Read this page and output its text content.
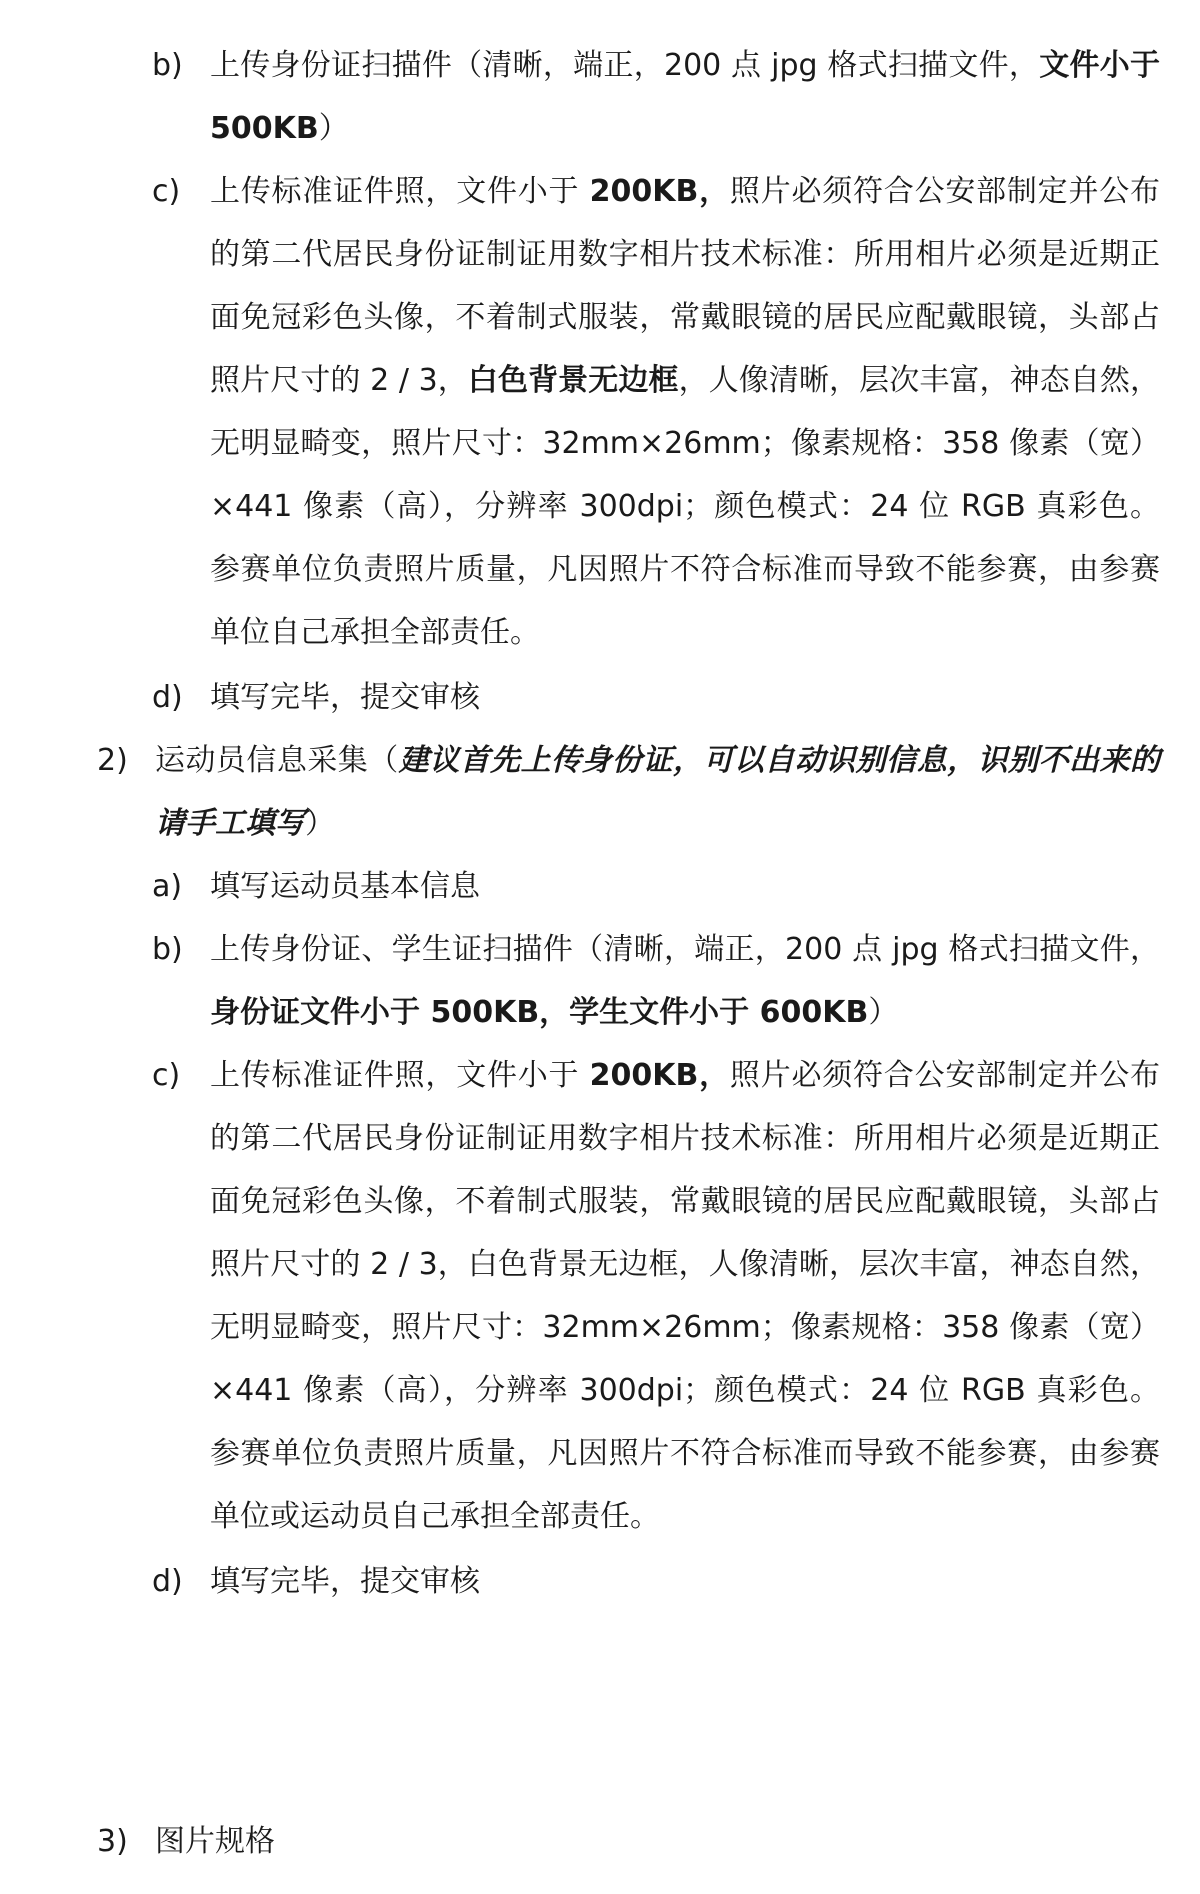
b) 上传身份证扫描件（清晰，端正，200 点 jpg 格式扫描文件，文件小于 500KB）
c) 上传标准证件照，文件小于 200KB，照片必须符合公安部制定并公布的第二代居民身份证制证用数字相片技术标准：所用相片必须是近期正面免冠彩色头像，不着制式服装，常戴眼镜的居民应配戴眼镜，头部占照片尺寸的 2 / 3，白色背景无边框，人像清晰，层次丰富，神态自然，无明显畸变，照片尺寸：32mm×26mm；像素规格：358 像素（宽）×441 像素（高），分辨率 300dpi；颜色模式：24 位 RGB 真彩色。参赛单位负责照片质量，凡因照片不符合标准而导致不能参赛，由参赛单位自己承担全部责任。
d) 填写完毕，提交审核
2) 运动员信息采集（建议首先上传身份证，可以自动识别信息，识别不出来的请手工填写）
a) 填写运动员基本信息
b) 上传身份证、学生证扫描件（清晰，端正，200 点 jpg 格式扫描文件，身份证文件小于 500KB，学生文件小于 600KB）
c) 上传标准证件照，文件小于 200KB，照片必须符合公安部制定并公布的第二代居民身份证制证用数字相片技术标准：所用相片必须是近期正面免冠彩色头像，不着制式服装，常戴眼镜的居民应配戴眼镜，头部占照片尺寸的 2 / 3，白色背景无边框，人像清晰，层次丰富，神态自然，无明显畸变，照片尺寸：32mm×26mm；像素规格：358 像素（宽）×441 像素（高），分辨率 300dpi；颜色模式：24 位 RGB 真彩色。参赛单位负责照片质量，凡因照片不符合标准而导致不能参赛，由参赛单位或运动员自己承担全部责任。
d) 填写完毕，提交审核
3) 图片规格
